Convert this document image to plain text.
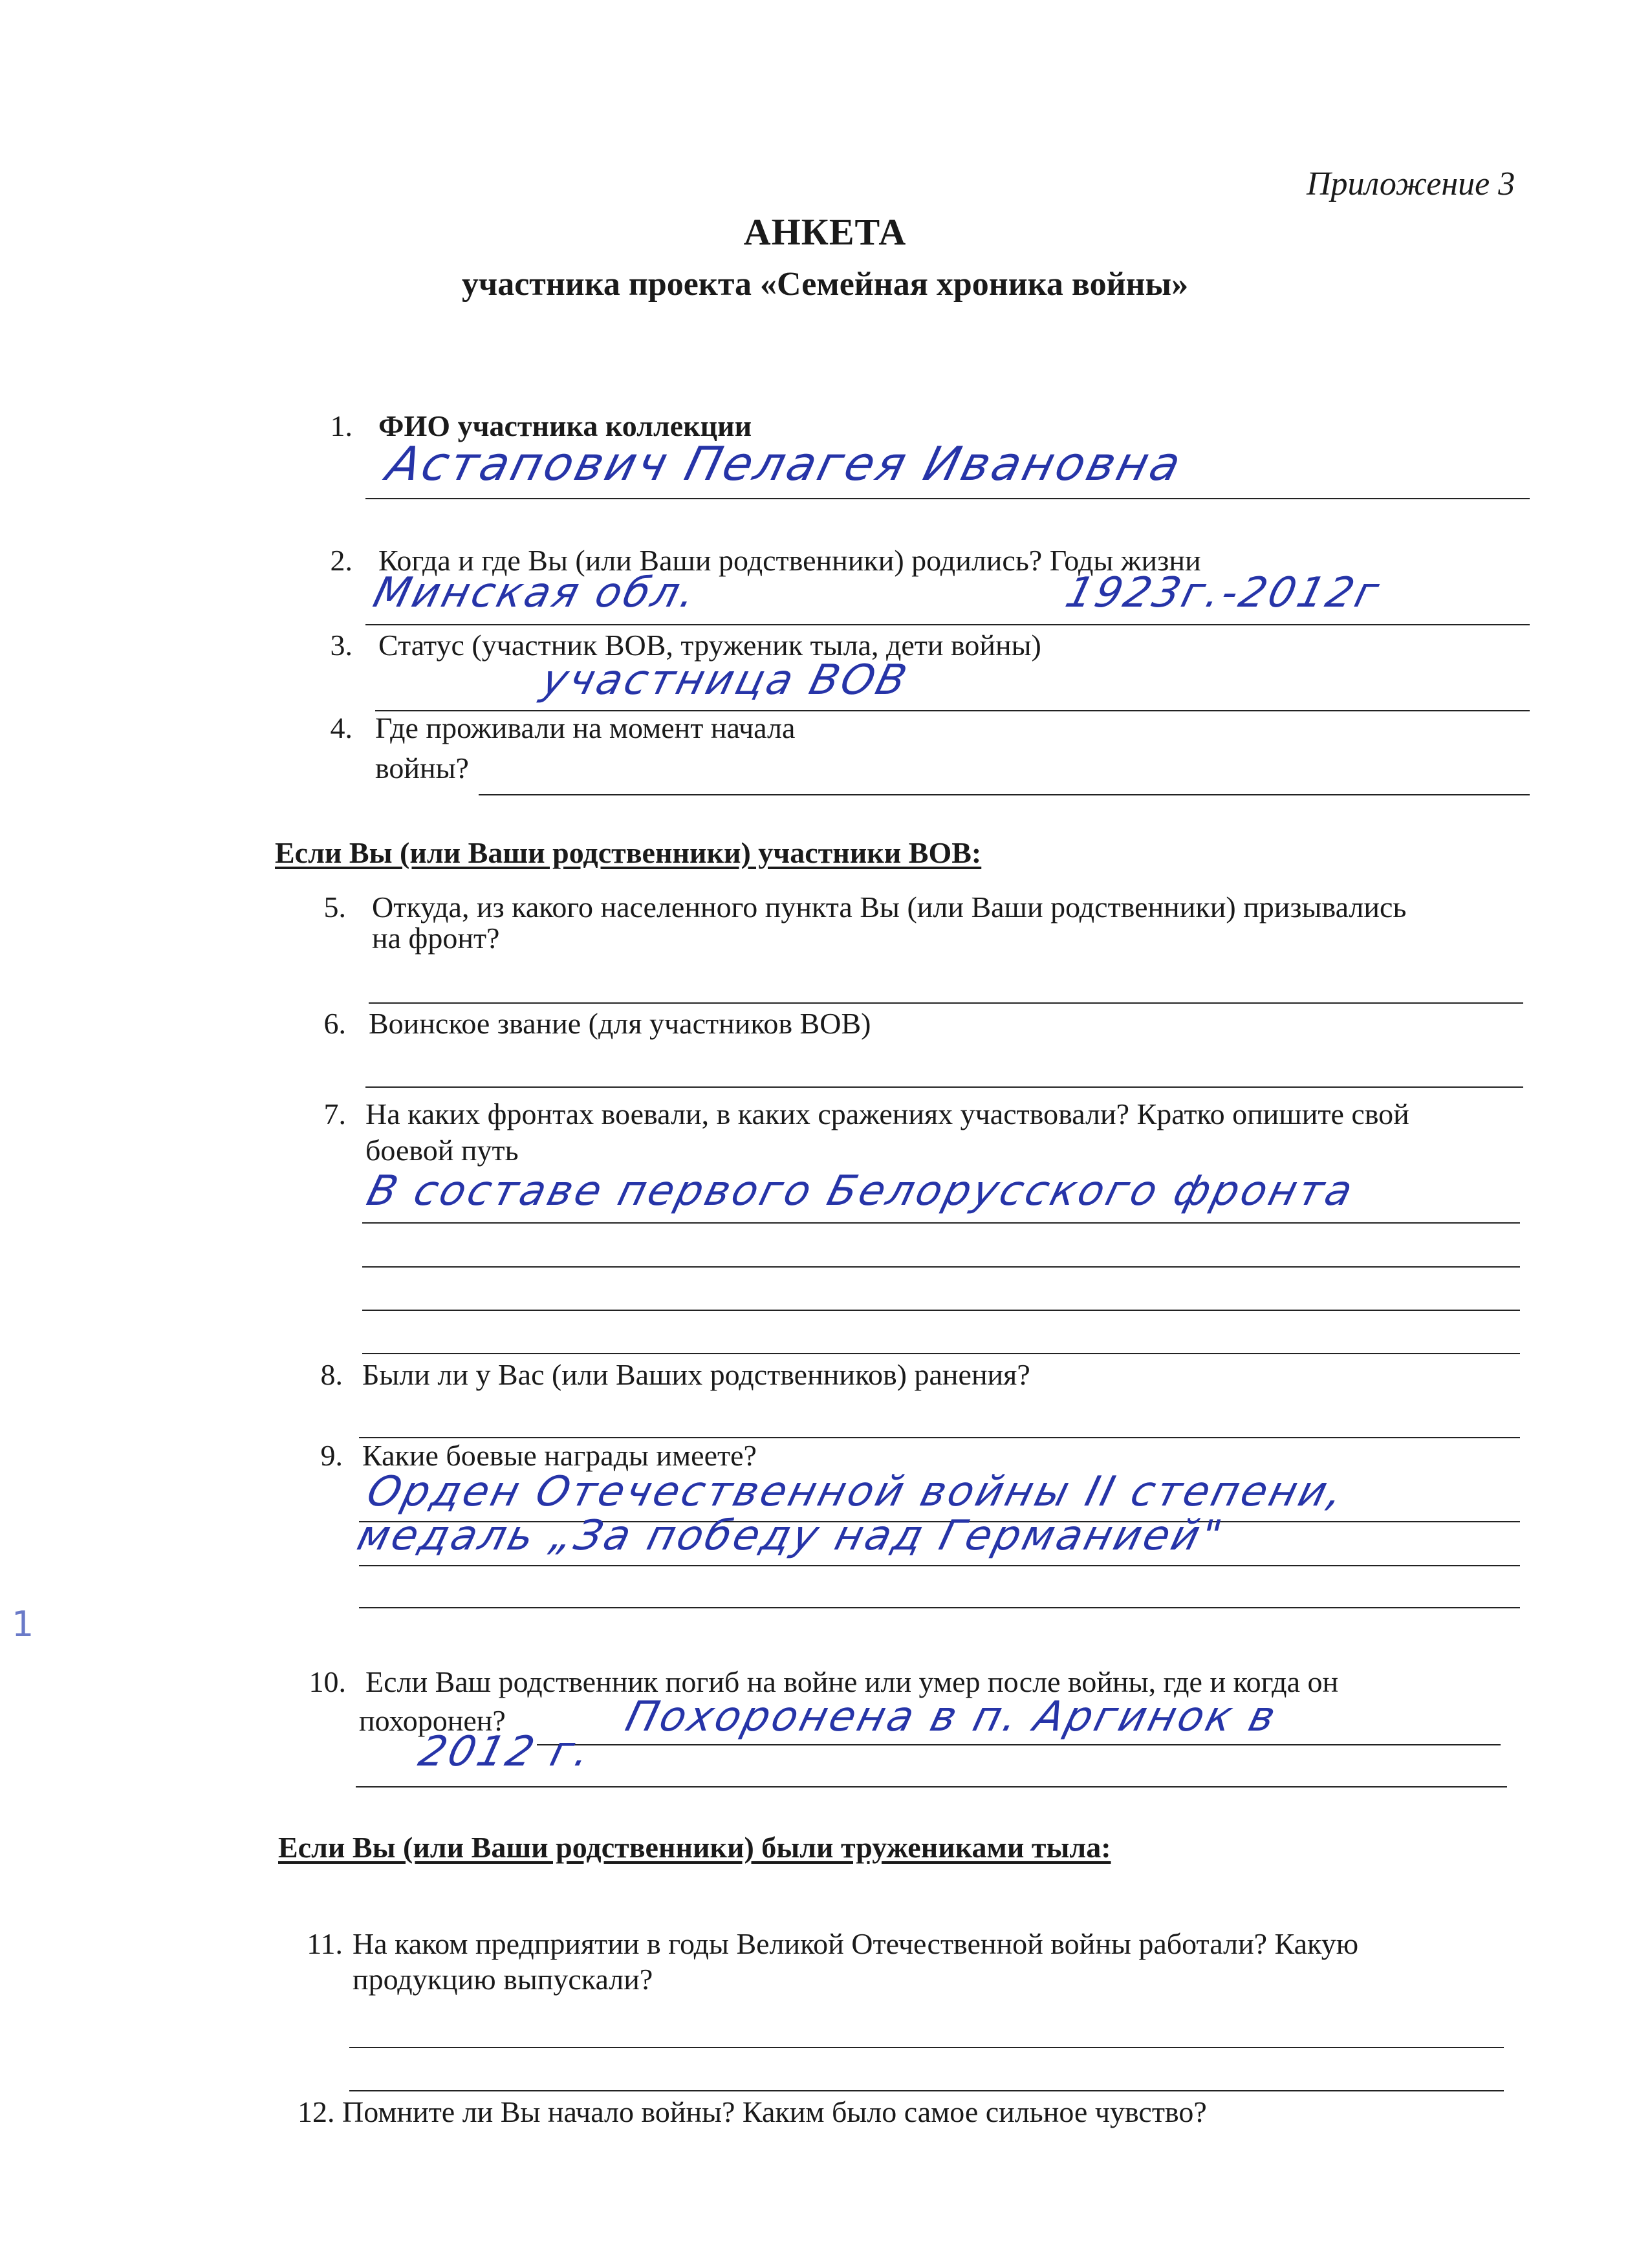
Приложение 3
АНКЕТА
участника проекта «Семейная хроника войны»
1. ФИО участника коллекции
Астапович Пелагея Ивановна
2. Когда и где Вы (или Ваши родственники) родились? Годы жизни
Минская обл.	1923г.-2012г
3. Статус (участник ВОВ, труженик тыла, дети войны)
участница ВОВ
4. Где проживали на момент начала
войны?
Если Вы (или Ваши родственники) участники ВОВ:
5. Откуда, из какого населенного пункта Вы (или Ваши родственники) призывались
на фронт?
6. Воинское звание (для участников ВОВ)
7. На каких фронтах воевали, в каких сражениях участвовали? Кратко опишите свой
боевой путь
В составе первого Белорусского фронта
8. Были ли у Вас (или Ваших родственников) ранения?
9. Какие боевые награды имеете?
Орден Отечественной войны II степени,
медаль „За победу над Германией"
10. Если Ваш родственник погиб на войне или умер после войны, где и когда он
похоронен?	Похоронена в п. Аргинок в
2012 г.
Если Вы (или Ваши родственники) были тружениками тыла:
11. На каком предприятии в годы Великой Отечественной войны работали? Какую
продукцию выпускали?
12. Помните ли Вы начало войны? Каким было самое сильное чувство?
1
